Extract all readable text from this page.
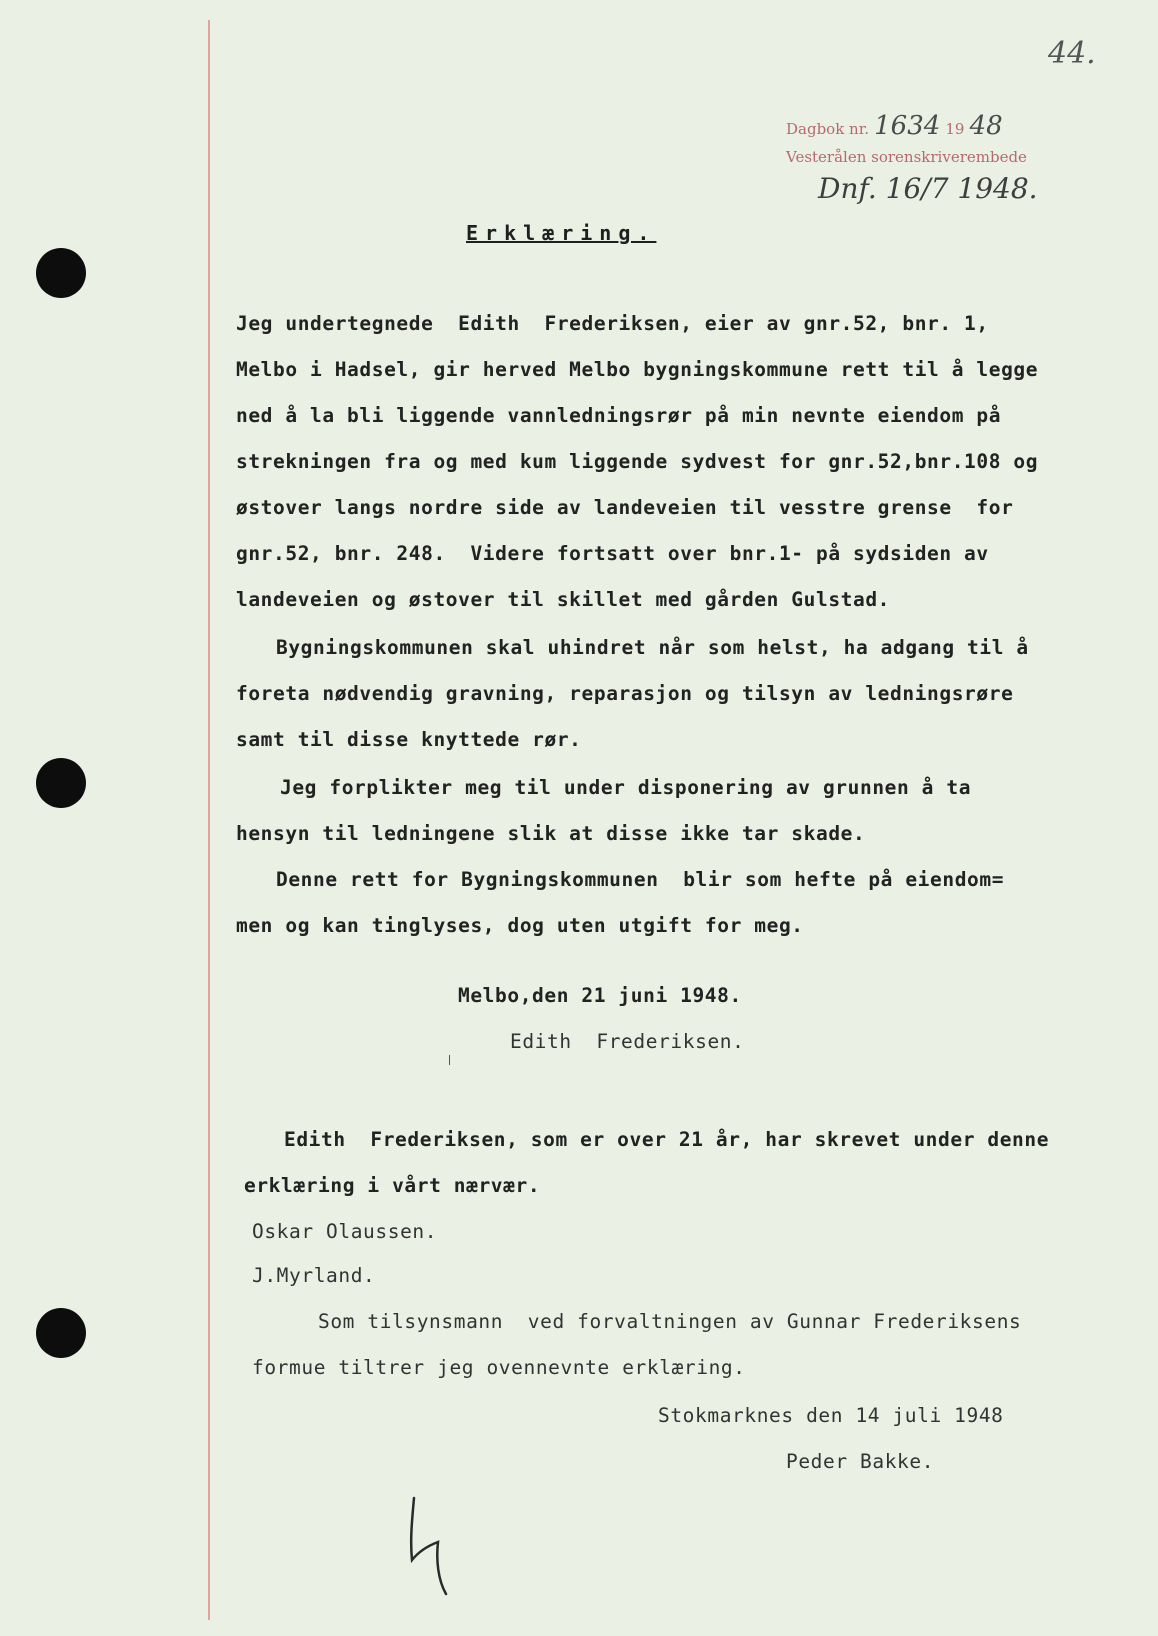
44.
Dagbok nr. 1634 19 48
Vesterålen sorenskriverembede
Dnf. 16/7 1948.
Erklæring.
Jeg undertegnede  Edith  Frederiksen, eier av gnr.52, bnr. 1,
Melbo i Hadsel, gir herved Melbo bygningskommune rett til å legge
ned å la bli liggende vannledningsrør på min nevnte eiendom på
strekningen fra og med kum liggende sydvest for gnr.52,bnr.108 og
østover langs nordre side av landeveien til vesstre grense  for
gnr.52, bnr. 248.  Videre fortsatt over bnr.1- på sydsiden av
landeveien og østover til skillet med gården Gulstad.
Bygningskommunen skal uhindret når som helst, ha adgang til å
foreta nødvendig gravning, reparasjon og tilsyn av ledningsrøre
samt til disse knyttede rør.
Jeg forplikter meg til under disponering av grunnen å ta
hensyn til ledningene slik at disse ikke tar skade.
Denne rett for Bygningskommunen  blir som hefte på eiendom=
men og kan tinglyses, dog uten utgift for meg.
Melbo,den 21 juni 1948.
Edith  Frederiksen.
Edith  Frederiksen, som er over 21 år, har skrevet under denne
erklæring i vårt nærvær.
Oskar Olaussen.
J.Myrland.
Som tilsynsmann  ved forvaltningen av Gunnar Frederiksens
formue tiltrer jeg ovennevnte erklæring.
Stokmarknes den 14 juli 1948
Peder Bakke.
